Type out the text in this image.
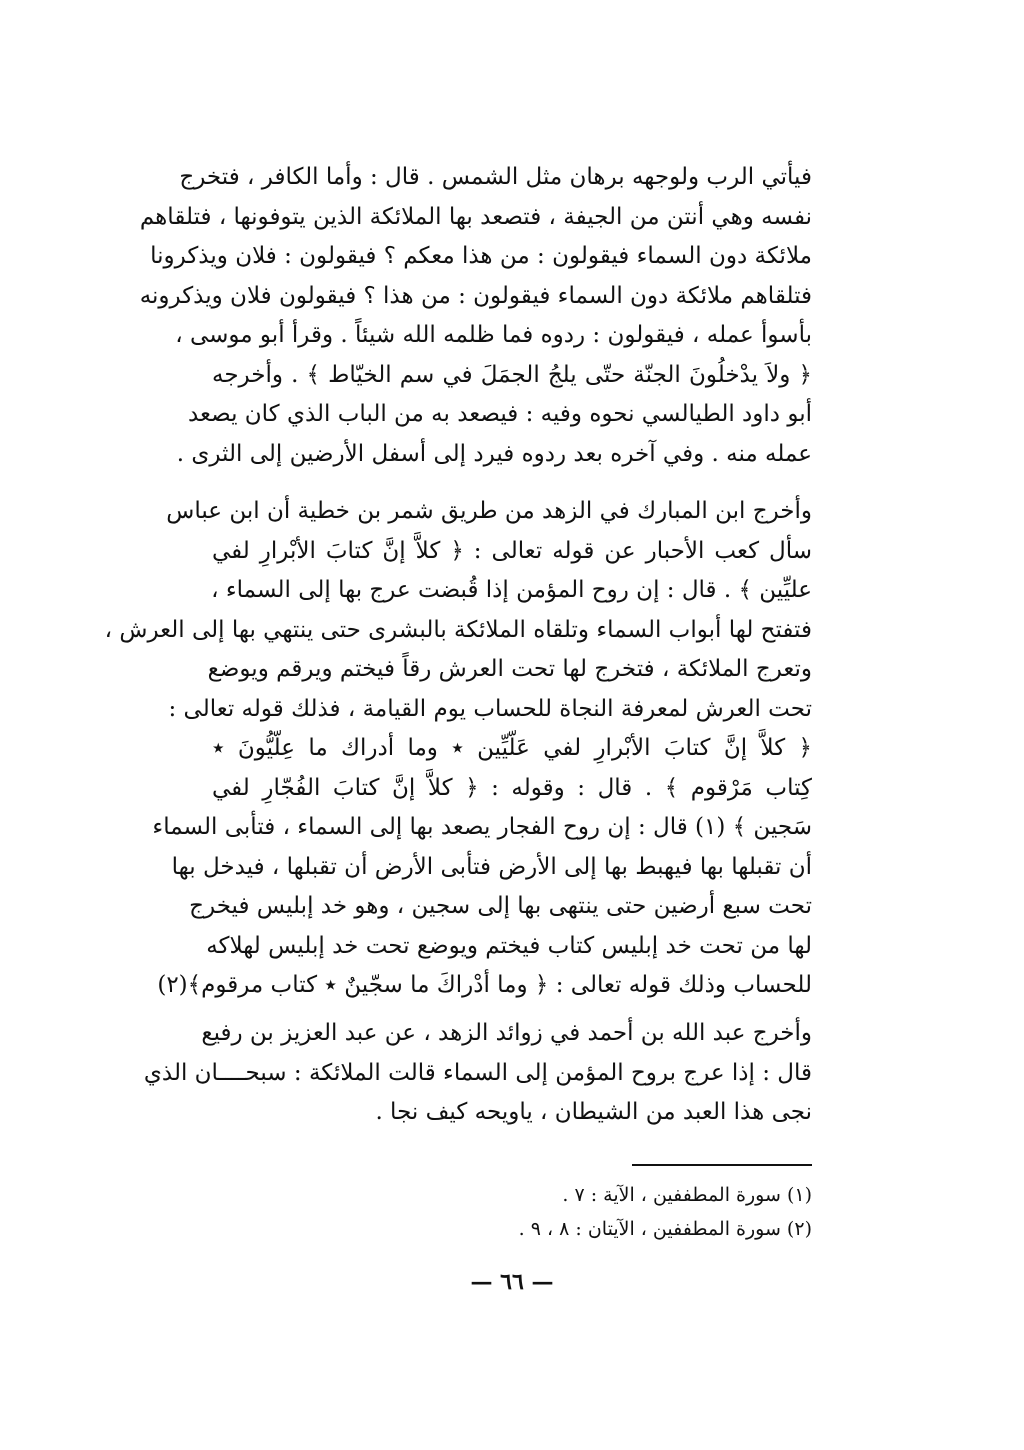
فيأتي الرب ولوجهه برهان مثل الشمس . قال : وأما الكافر ، فتخرج
نفسه وهي أنتن من الجيفة ، فتصعد بها الملائكة الذين يتوفونها ، فتلقاهم
ملائكة دون السماء فيقولون : من هذا معكم ؟ فيقولون : فلان ويذكرونا
فتلقاهم ملائكة دون السماء فيقولون : من هذا ؟ فيقولون فلان ويذكرونه
بأسوأ عمله ، فيقولون : ردوه فما ظلمه الله شيئاً . وقرأ أبو موسى ،
﴿ ولاَ يدْخلُونَ الجنّة حتّى يلجُ الجمَلَ في سم الخيّاط ﴾ . وأخرجه
أبو داود الطيالسي نحوه وفيه : فيصعد به من الباب الذي كان يصعد
عمله منه . وفي آخره بعد ردوه فيرد إلى أسفل الأرضين إلى الثرى .
وأخرج ابن المبارك في الزهد من طريق شمر بن خطية أن ابن عباس
سأل كعب الأحبار عن قوله تعالى : ﴿ كلاَّ إنَّ كتابَ الأبْرارِ لفي
عليِّين ﴾ . قال : إن روح المؤمن إذا قُبضت عرج بها إلى السماء ،
فتفتح لها أبواب السماء وتلقاه الملائكة بالبشرى حتى ينتهي بها إلى العرش ،
وتعرج الملائكة ، فتخرج لها تحت العرش رقاً فيختم ويرقم ويوضع
تحت العرش لمعرفة النجاة للحساب يوم القيامة ، فذلك قوله تعالى :
﴿ كلاَّ إنَّ كتابَ الأبْرارِ لفي عَلّيِّين ٭ وما أدراك ما عِلّيُّونَ ٭
كِتاب مَرْقوم ﴾ . قال : وقوله : ﴿ كلاَّ إنَّ كتابَ الفُجّارِ لفي
سَجين ﴾ (١) قال : إن روح الفجار يصعد بها إلى السماء ، فتأبى السماء
أن تقبلها بها فيهبط بها إلى الأرض فتأبى الأرض أن تقبلها ، فيدخل بها
تحت سبع أرضين حتى ينتهى بها إلى سجين ، وهو خد إبليس فيخرج
لها من تحت خد إبليس كتاب فيختم ويوضع تحت خد إبليس لهلاكه
للحساب وذلك قوله تعالى : ﴿ وما أدْراكَ ما سجّينٌ ٭ كتاب مرقوم﴾(٢)
وأخرج عبد الله بن أحمد في زوائد الزهد ، عن عبد العزيز بن رفيع
قال : إذا عرج بروح المؤمن إلى السماء قالت الملائكة : سبحــــان الذي
نجى هذا العبد من الشيطان ، ياويحه كيف نجا .
(١) سورة المطففين ، الآية : ٧ .
(٢) سورة المطففين ، الآيتان : ٨ ، ٩ .
— ٦٦ —
